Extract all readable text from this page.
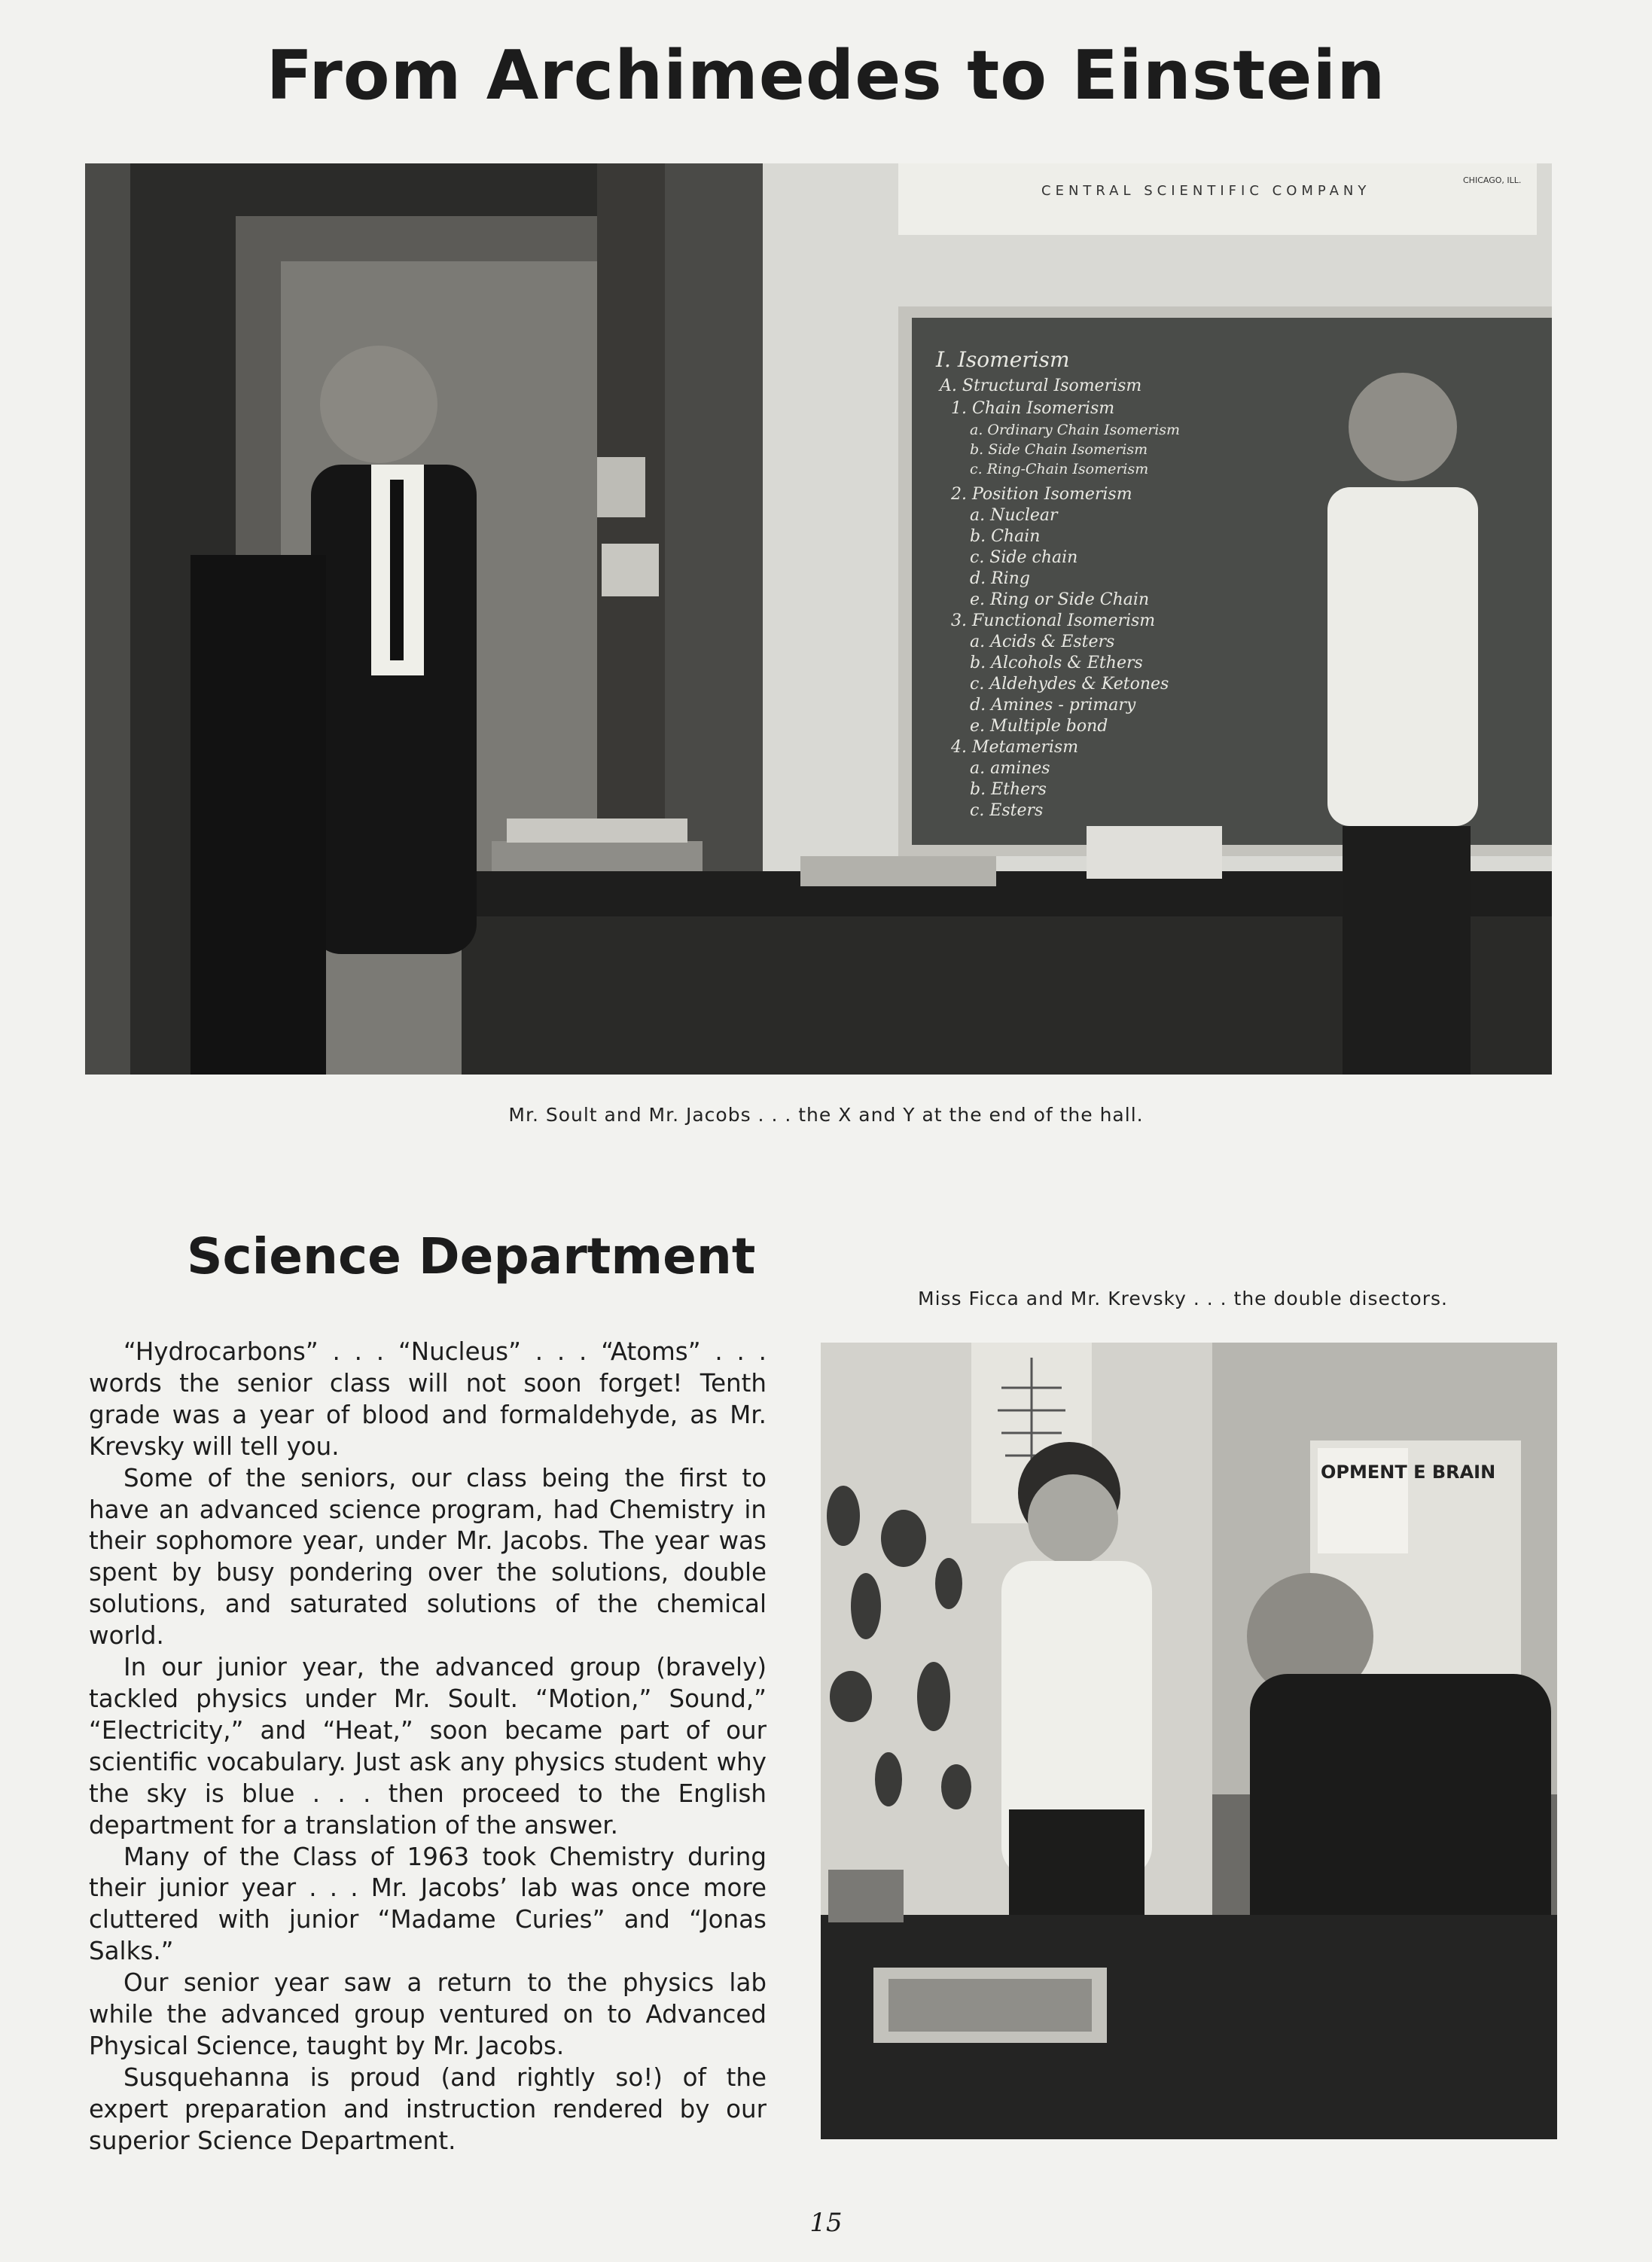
From Archimedes to Einstein
CENTRAL SCIENTIFIC COMPANY
CHICAGO, ILL.
I. Isomerism
A. Structural Isomerism
1. Chain Isomerism
a. Ordinary Chain Isomerism
b. Side Chain Isomerism
c. Ring-Chain Isomerism
2. Position Isomerism
a. Nuclear
b. Chain
c. Side chain
d. Ring
e. Ring or Side Chain
3. Functional Isomerism
a. Acids & Esters
b. Alcohols & Ethers
c. Aldehydes & Ketones
d. Amines - primary
e. Multiple bond
4. Metamerism
a. amines
b. Ethers
c. Esters
Mr. Soult and Mr. Jacobs . . . the X and Y at the end of the hall.
Science Department
Miss Ficca and Mr. Krevsky . . . the double disectors.

“Hydrocarbons” . . . “Nucleus” . . . “Atoms” . . . words the senior class will not soon forget! Tenth grade was a year of blood and formaldehyde, as Mr. Krevsky will tell you.

Some of the seniors, our class being the first to have an advanced science program, had Chemistry in their sophomore year, under Mr. Jacobs. The year was spent by busy pondering over the solutions, double solutions, and saturated solutions of the chemical world.

In our junior year, the advanced group (bravely) tackled physics under Mr. Soult. “Motion,” Sound,” “Electricity,” and “Heat,” soon became part of our scientific vocabulary. Just ask any physics student why the sky is blue . . . then proceed to the English department for a translation of the answer.

Many of the Class of 1963 took Chemistry during their junior year . . . Mr. Jacobs’ lab was once more cluttered with junior “Madame Curies” and “Jonas Salks.”

Our senior year saw a return to the physics lab while the advanced group ventured on to Advanced Physical Science, taught by Mr. Jacobs.

Susquehanna is proud (and rightly so!) of the expert preparation and instruction rendered by our superior Science Department.

OPMENT E BRAIN
15
